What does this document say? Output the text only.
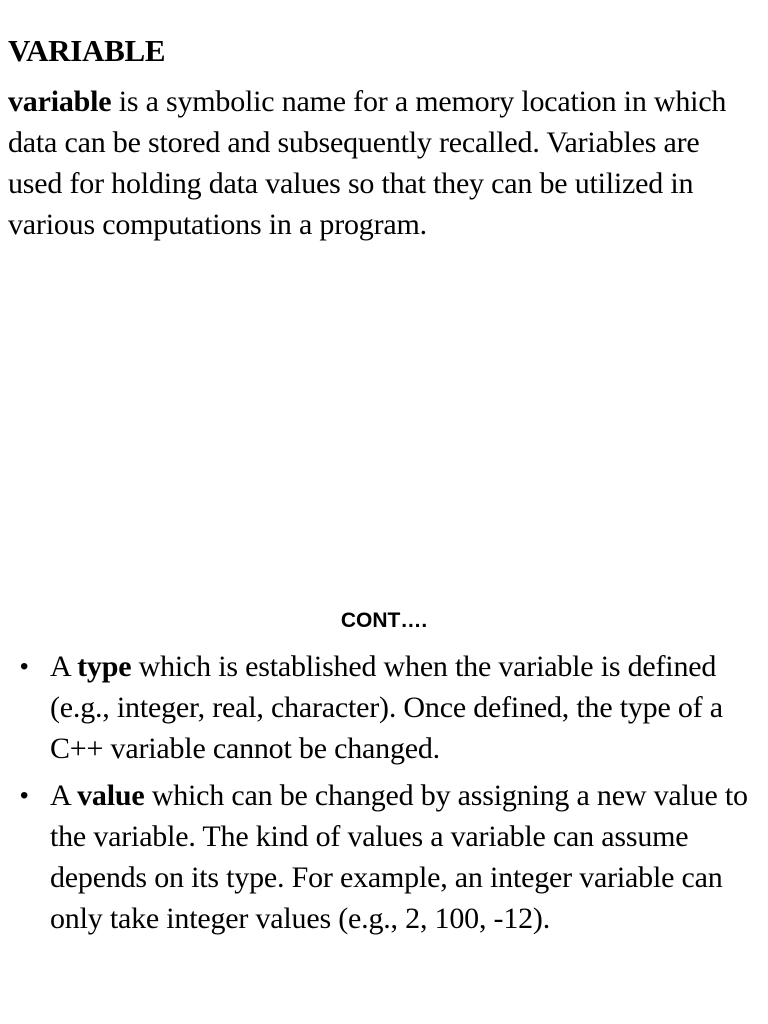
VARIABLE

variable is a symbolic name for a memory location in which data can be stored and subsequently recalled. Variables are used for holding data values so that they can be utilized in various computations in a program.

CONT….
• A type which is established when the variable is defined (e.g., integer, real, character). Once defined, the type of a C++ variable cannot be changed.
• A value which can be changed by assigning a new value to the variable. The kind of values a variable can assume depends on its type. For example, an integer variable can only take integer values (e.g., 2, 100, -12).
